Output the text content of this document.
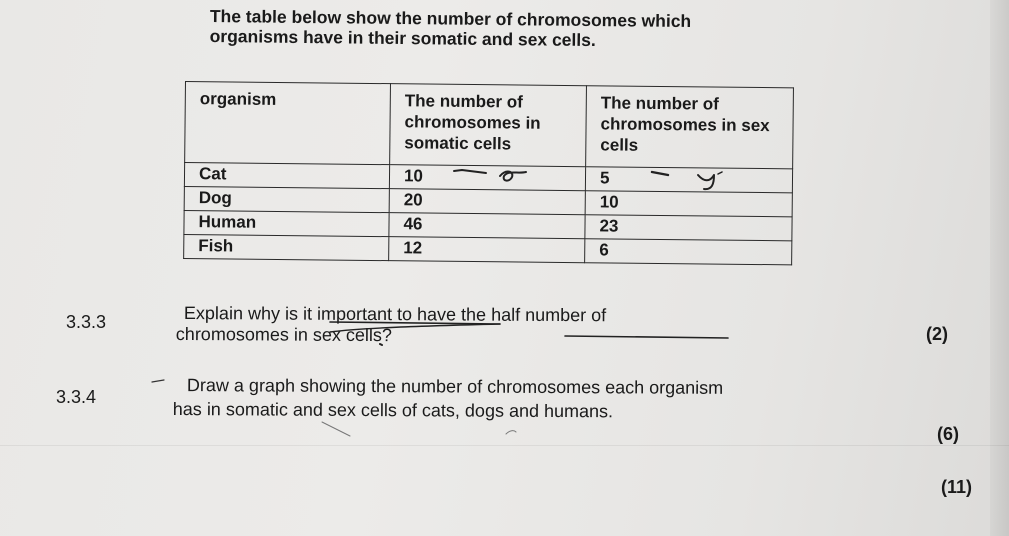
The table below show the number of chromosomes which
organisms have in their somatic and sex cells.
organism	The number of chromosomes in somatic cells	The number of chromosomes in sex cells
Cat	10	5
Dog	20	10
Human	46	23
Fish	12	6
3.3.3	Explain why is it important to have the half number of
chromosomes in sex cells?	(2)
3.3.4	Draw a graph showing the number of chromosomes each organism
has in somatic and sex cells of cats, dogs and humans.
(6)
(11)
